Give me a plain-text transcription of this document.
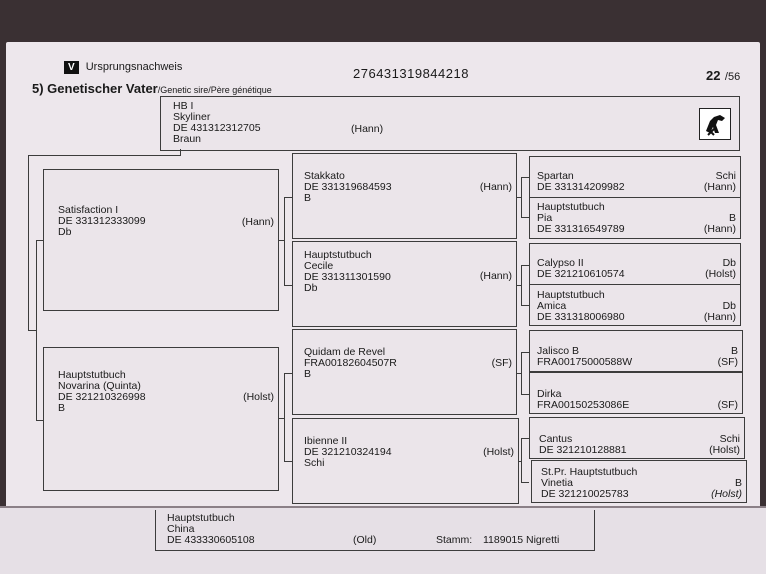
V Ursprungsnachweis	276431319844218	22 /56
5) Genetischer Vater/Genetic sire/Père génétique
HB I
Skyliner
DE 431312312705	(Hann)
Braun
Satisfaction I
DE 331312333099	(Hann)
Db
Hauptstutbuch
Novarina (Quinta)
DE 321210326998	(Holst)
B
Stakkato
DE 331319684593	(Hann)
B
Hauptstutbuch
Cecile
DE 331311301590	(Hann)
Db
Quidam de Revel
FRA00182604507R	(SF)
B
Ibienne II
DE 321210324194	(Holst)
Schi
Spartan	Schi
DE 331314209982	(Hann)
Hauptstutbuch
Pia	B
DE 331316549789	(Hann)
Calypso II	Db
DE 321210610574	(Holst)
Hauptstutbuch
Amica	Db
DE 331318006980	(Hann)
Jalisco B	B
FRA00175000588W	(SF)
Dirka
FRA00150253086E	(SF)
Cantus	Schi
DE 321210128881	(Holst)
St.Pr. Hauptstutbuch
Vinetia	B
DE 321210025783	(Holst)
Hauptstutbuch
China
DE 433330605108	(Old)	Stamm: 1189015 Nigretti
